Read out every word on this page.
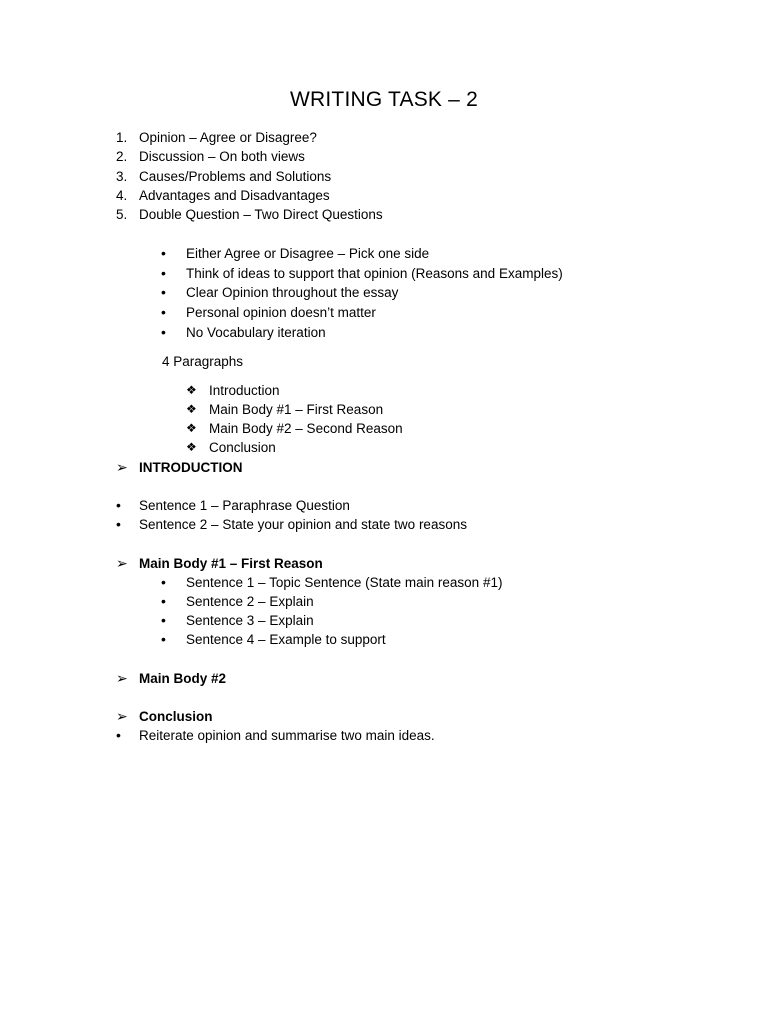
WRITING TASK – 2
1. Opinion – Agree or Disagree?
2. Discussion – On both views
3. Causes/Problems and Solutions
4. Advantages and Disadvantages
5. Double Question – Two Direct Questions
• Either Agree or Disagree – Pick one side
• Think of ideas to support that opinion (Reasons and Examples)
• Clear Opinion throughout the essay
• Personal opinion doesn’t matter
• No Vocabulary iteration
4 Paragraphs
❖ Introduction
❖ Main Body #1 – First Reason
❖ Main Body #2 – Second Reason
❖ Conclusion
➢ INTRODUCTION
• Sentence 1 – Paraphrase Question
• Sentence 2 – State your opinion and state two reasons
➢ Main Body #1 – First Reason
• Sentence 1 – Topic Sentence (State main reason #1)
• Sentence 2 – Explain
• Sentence 3 – Explain
• Sentence 4 – Example to support
➢ Main Body #2
➢ Conclusion
• Reiterate opinion and summarise two main ideas.
